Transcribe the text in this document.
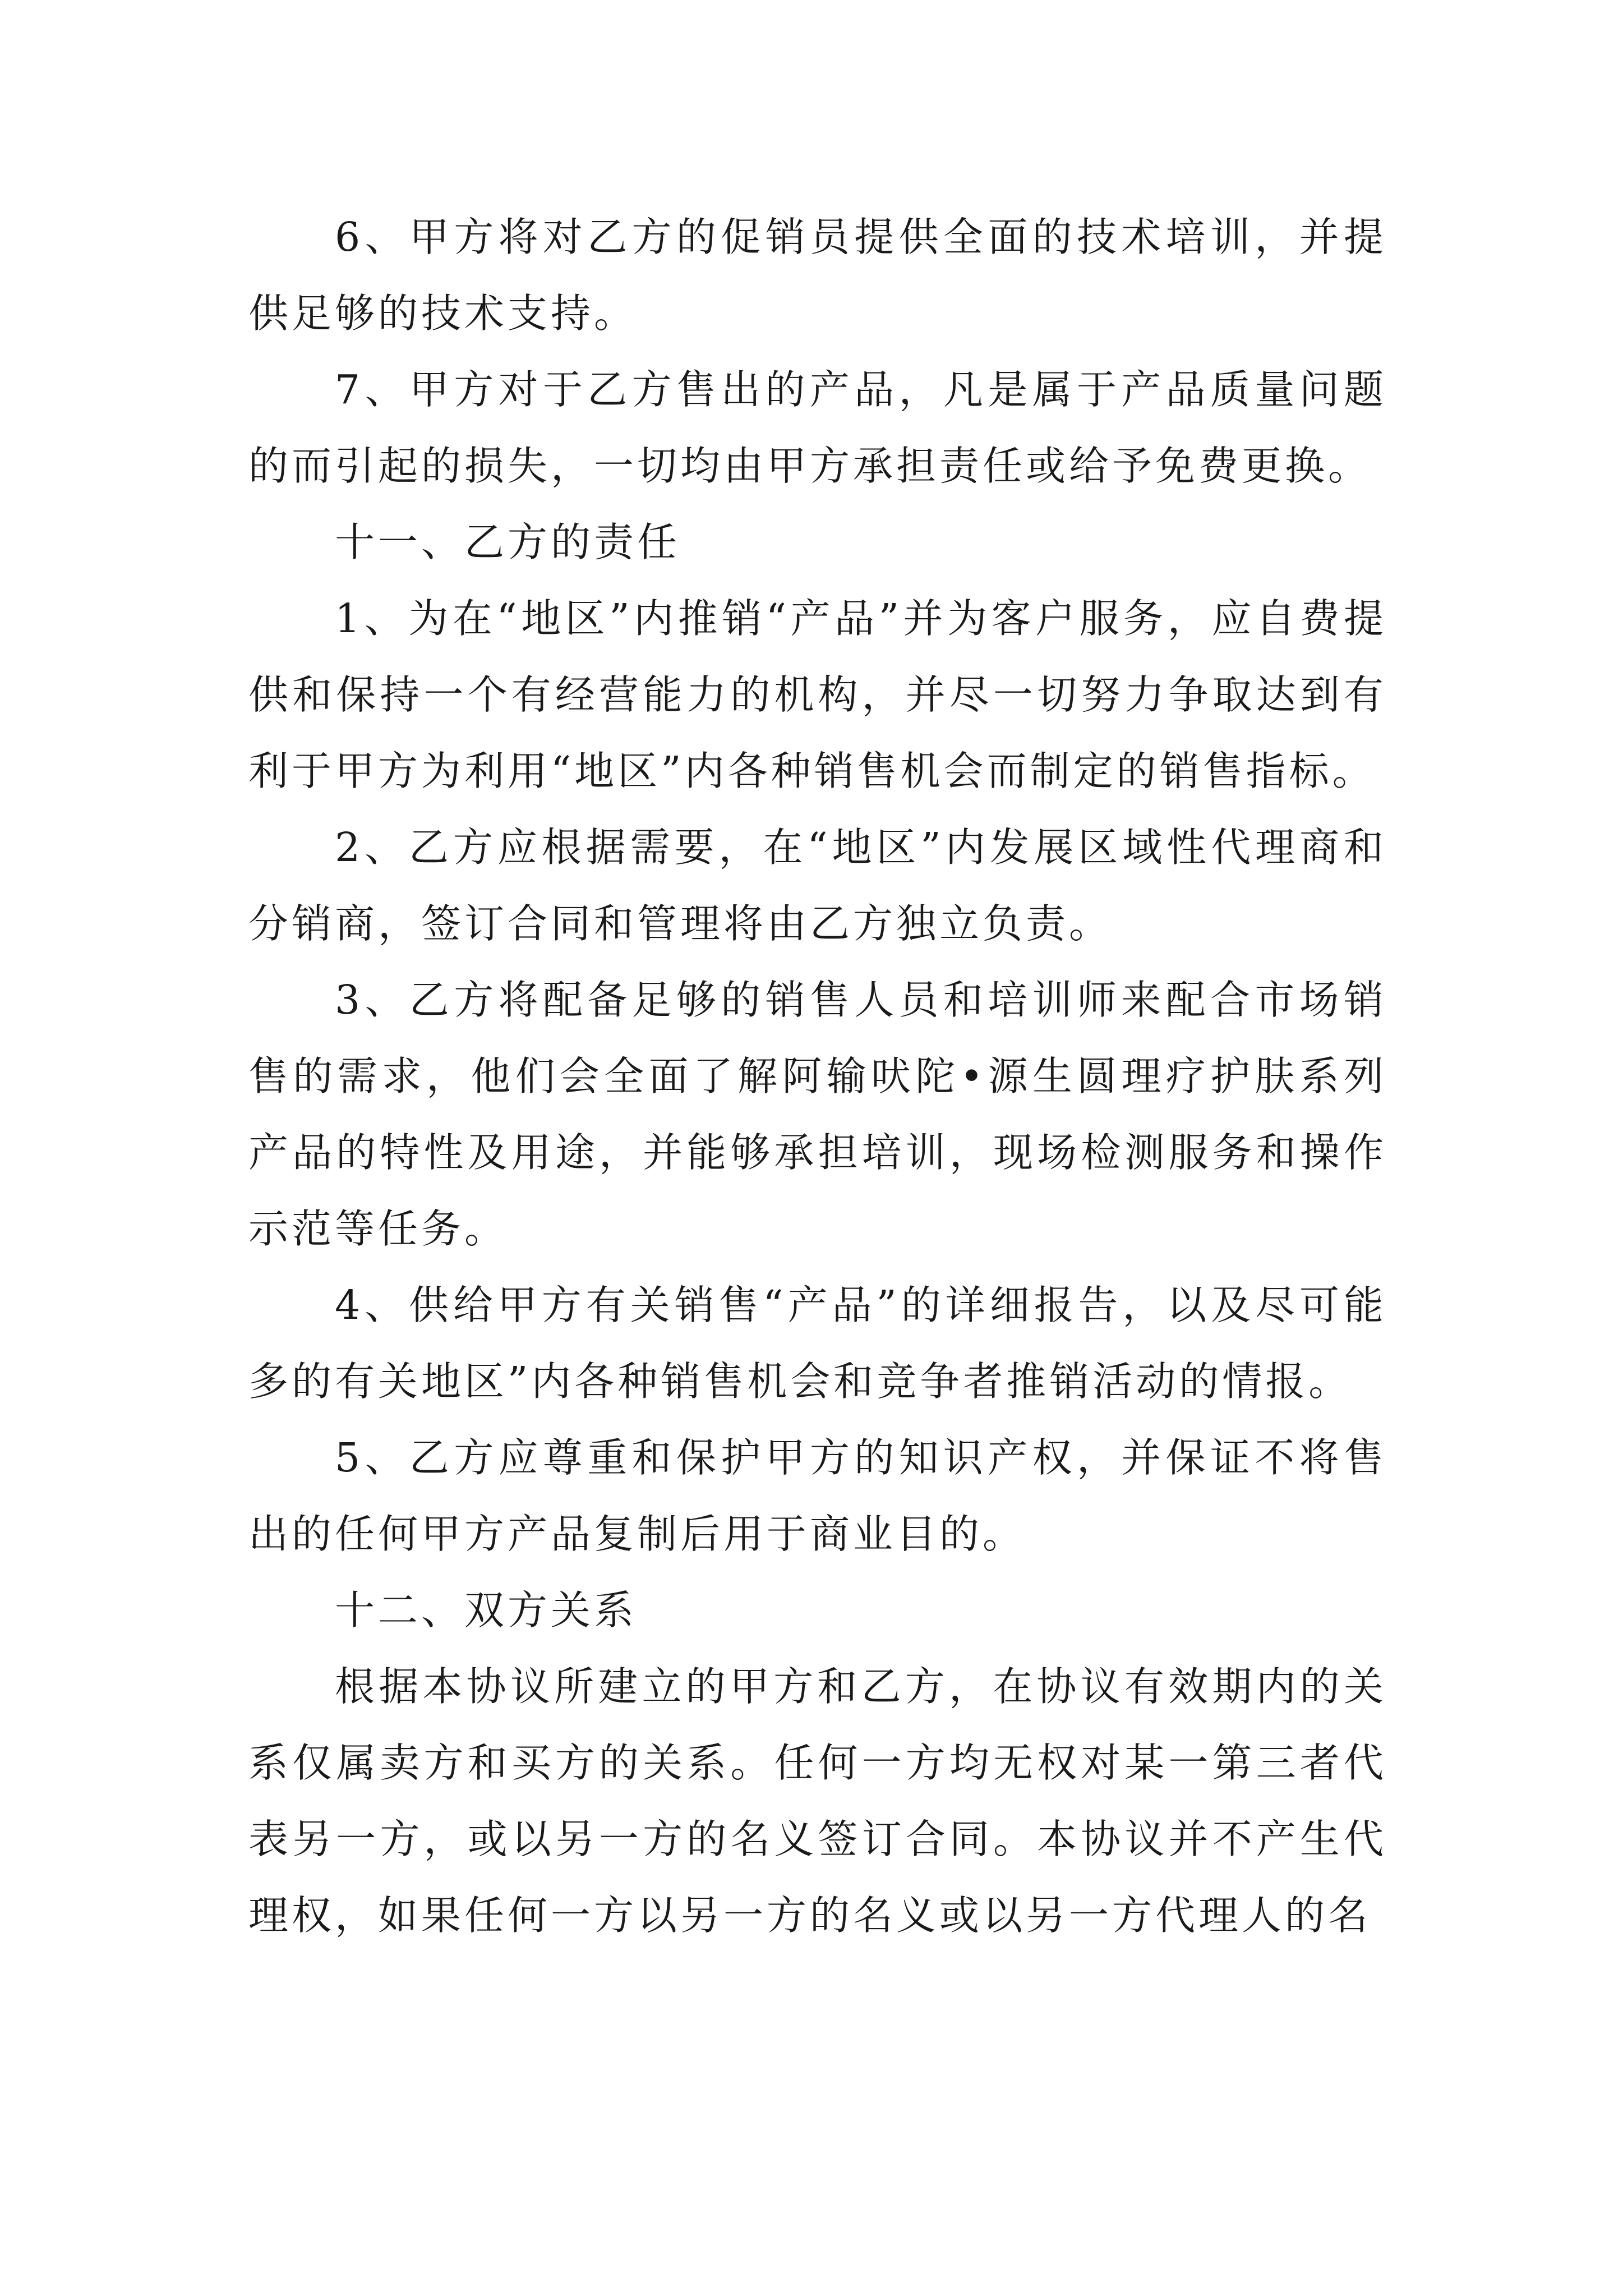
6、甲方将对乙方的促销员提供全面的技术培训，并提供足够的技术支持。

7、甲方对于乙方售出的产品，凡是属于产品质量问题的而引起的损失，一切均由甲方承担责任或给予免费更换。

十一、乙方的责任

1、为在“地区”内推销“产品”并为客户服务，应自费提供和保持一个有经营能力的机构，并尽一切努力争取达到有利于甲方为利用“地区”内各种销售机会而制定的销售指标。

2、乙方应根据需要，在“地区”内发展区域性代理商和分销商，签订合同和管理将由乙方独立负责。

3、乙方将配备足够的销售人员和培训师来配合市场销售的需求，他们会全面了解阿输吠陀•源生圆理疗护肤系列产品的特性及用途，并能够承担培训，现场检测服务和操作示范等任务。

4、供给甲方有关销售“产品”的详细报告，以及尽可能多的有关地区”内各种销售机会和竞争者推销活动的情报。

5、乙方应尊重和保护甲方的知识产权，并保证不将售出的任何甲方产品复制后用于商业目的。

十二、双方关系

根据本协议所建立的甲方和乙方，在协议有效期内的关系仅属卖方和买方的关系。任何一方均无权对某一第三者代表另一方，或以另一方的名义签订合同。本协议并不产生代理权，如果任何一方以另一方的名义或以另一方代理人的名
